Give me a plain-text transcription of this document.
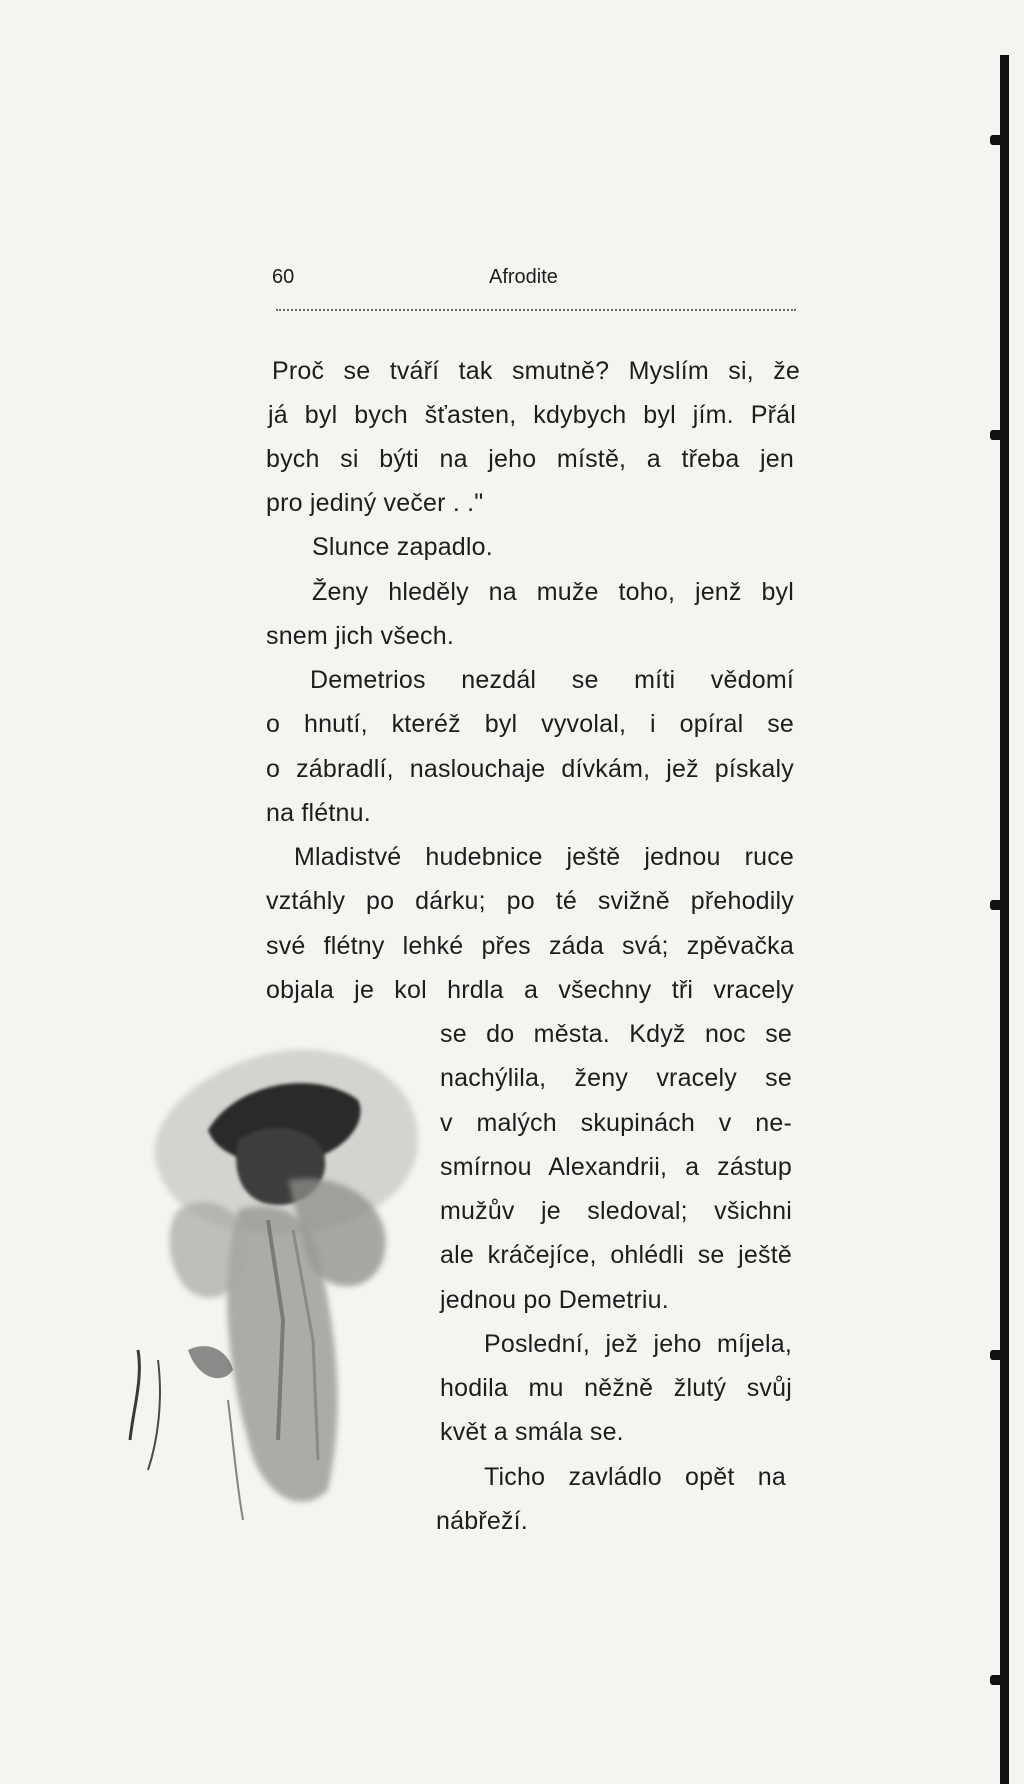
60	Afrodite
Proč se tváří tak smutně? Myslím si, že
já byl bych šťasten, kdybych byl jím. Přál
bych si býti na jeho místě, a třeba jen
pro jediný večer . ."
Slunce zapadlo.
Ženy hleděly na muže toho, jenž byl
snem jich všech.
Demetrios nezdál se míti vědomí
o hnutí, kteréž byl vyvolal, i opíral se
o zábradlí, naslouchaje dívkám, jež pískaly
na flétnu.
Mladistvé hudebnice ještě jednou ruce
vztáhly po dárku; po té svižně přehodily
své flétny lehké přes záda svá; zpěvačka
objala je kol hrdla a všechny tři vracely
se do města. Když noc se
nachýlila, ženy vracely se
v malých skupinách v ne-
smírnou Alexandrii, a zástup
mužův je sledoval; všichni
ale kráčejíce, ohlédli se ještě
jednou po Demetriu.
Poslední, jež jeho míjela,
hodila mu něžně žlutý svůj
květ a smála se.
Ticho zavládlo opět na
nábřeží.
